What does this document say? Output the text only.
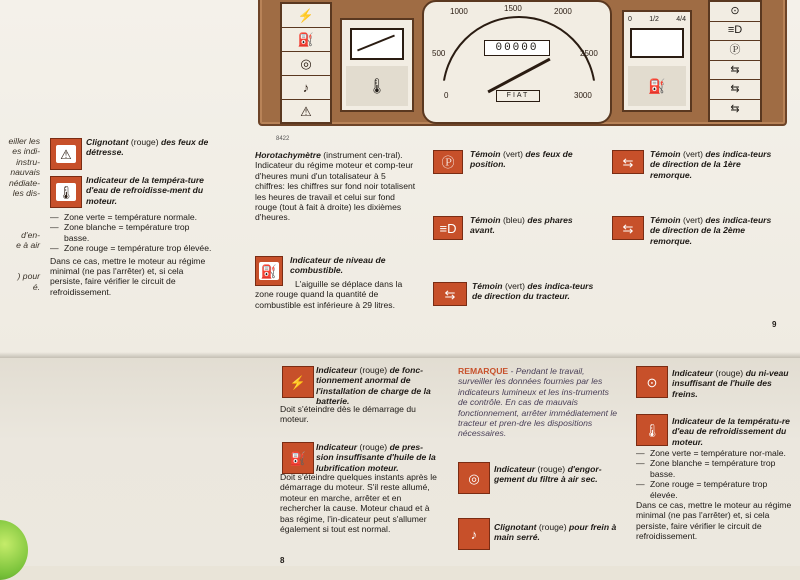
eiller les
es indi-
instru-
nauvais
nédiate-
les dis-

d'en-
e à air

) pour
é.
⚡
⛽
◎
♪
⚠
🌡
1000	1500	2000
500	2500
0	3000
00000
FIAT
0 1/2 4/4
⛽
⊙
≡D
Ⓟ
⇆
⇆
⇆
8422
⚠

Clignotant (rouge) des feux de détresse.

🌡

Indicateur de la tempéra-ture d'eau de refroidisse-ment du moteur.

— Zone verte = température normale.
— Zone blanche = température trop basse.
— Zone rouge = température trop élevée.

Dans ce cas, mettre le moteur au régime minimal (ne pas l'arrêter) et, si cela persiste, faire vérifier le circuit de refroidissement.

Horotachymètre (instrument cen-tral).

Indicateur du régime moteur et comp-teur d'heures muni d'un totalisateur à 5 chiffres: les chiffres sur fond noir totalisent les heures de travail et celui sur fond rouge (tout à fait à droite) les dixièmes d'heures.

⛽

Indicateur de niveau de combustible.

L'aiguille se déplace dans la zone rouge quand la quantité de combustible est inférieure à 29 litres.

Ⓟ

Témoin (vert) des feux de position.	⇆

Témoin (vert) des indica-teurs de direction de la 1ère remorque.

≡D

Témoin (bleu) des phares avant.	⇆

Témoin (vert) des indica-teurs de direction de la 2ème remorque.

⇆

Témoin (vert) des indica-teurs de direction du tracteur.

9
⚡

Indicateur (rouge) de fonc-tionnement anormal de l'installation de charge de la batterie.

Doit s'éteindre dès le démarrage du moteur.

⛽

Indicateur (rouge) de pres-sion insuffisante d'huile de la lubrification moteur.

Doit s'éteindre quelques instants après le démarrage du moteur. S'il reste allumé, moteur en marche, arrêter et en rechercher la cause. Moteur chaud et à bas régime, l'in-dicateur peut s'allumer également si tout est normal.

8

REMARQUE - Pendant le travail, surveiller les données fournies par les indicateurs lumineux et les ins-truments de contrôle. En cas de mauvais fonctionnement, arrêter immédiatement le tracteur et pren-dre les dispositions nécessaires.

◎

Indicateur (rouge) d'engor-gement du filtre à air sec.

♪	Clignotant (rouge) pour frein à main serré.

⊙

Indicateur (rouge) du ni-veau insuffisant de l'huile des freins.

🌡

Indicateur de la températu-re d'eau de refroidissement du moteur.

— Zone verte = température nor-male.
— Zone blanche = température trop basse.
— Zone rouge = température trop élevée.

Dans ce cas, mettre le moteur au régime minimal (ne pas l'arrêter) et, si cela persiste, faire vérifier le circuit de refroidissement.
